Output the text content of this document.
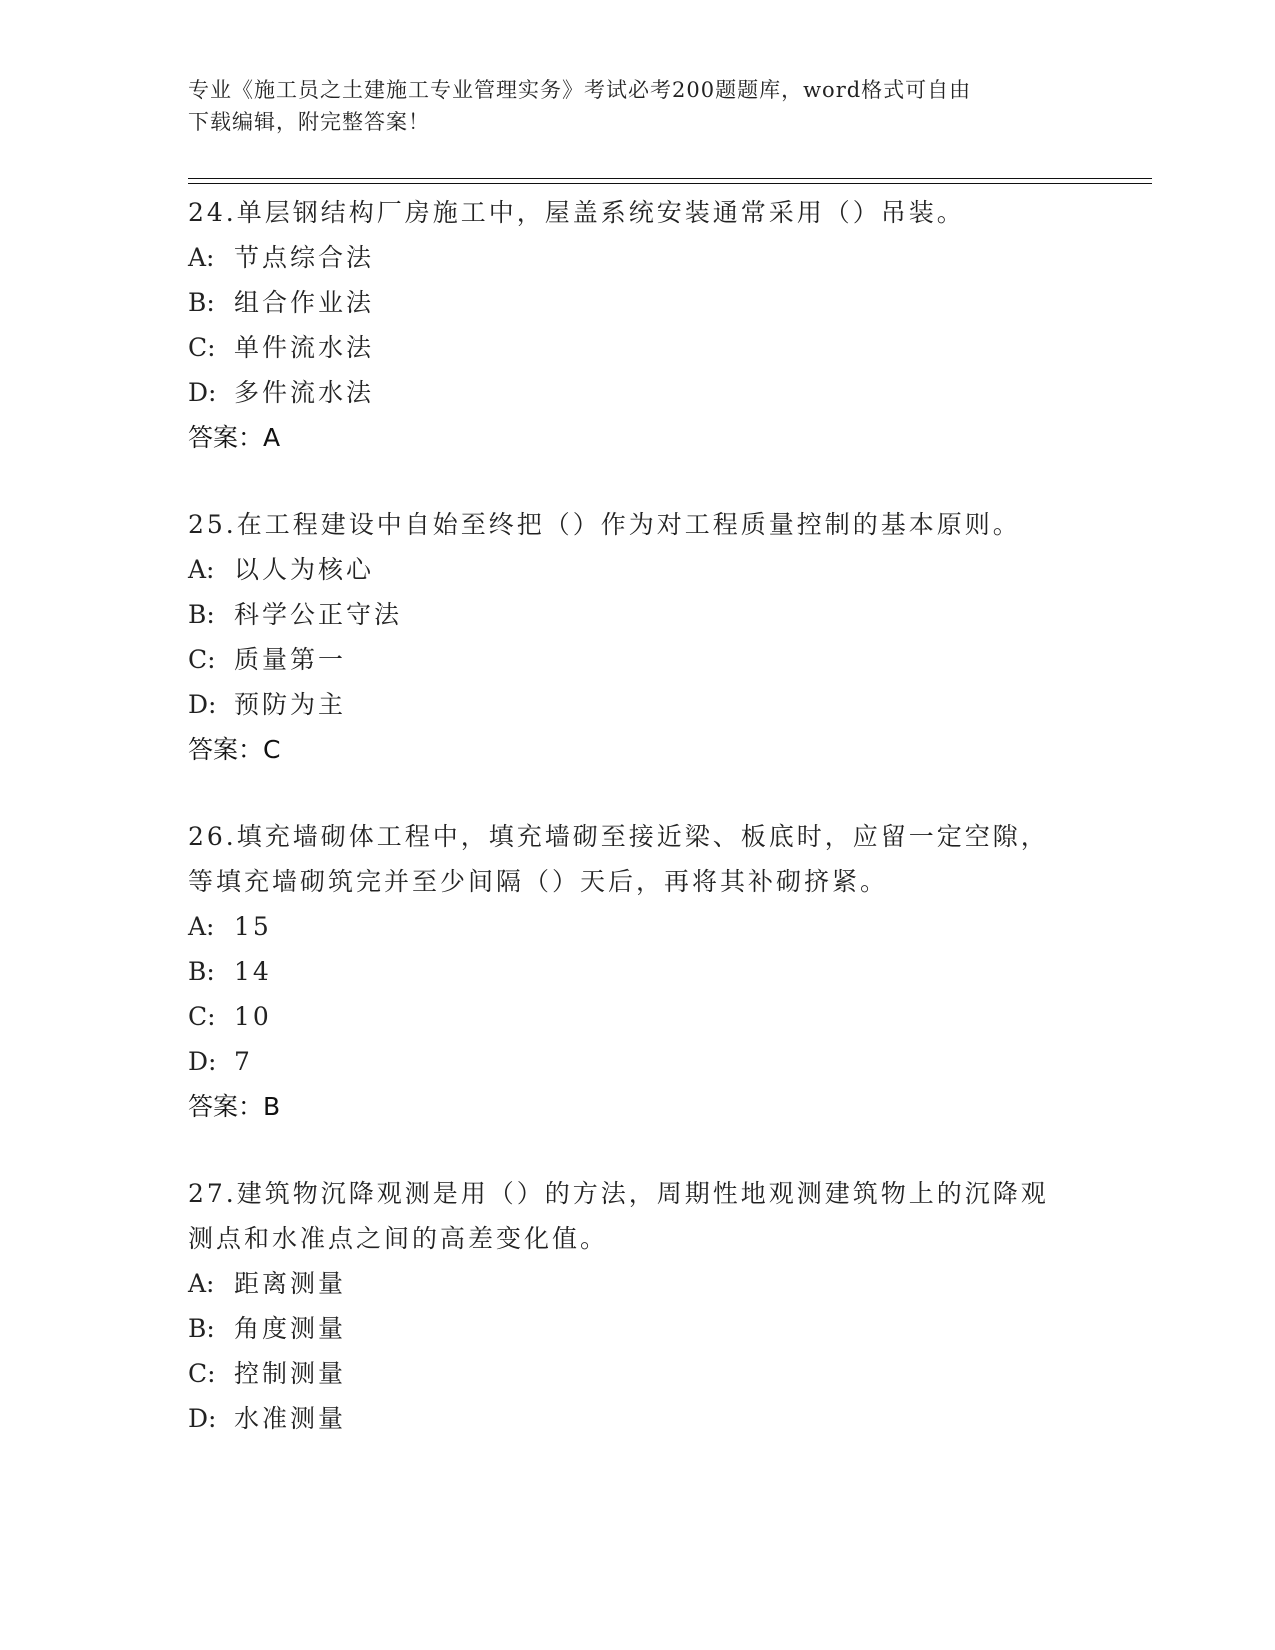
专业《施工员之土建施工专业管理实务》考试必考200题题库，word格式可自由
下载编辑，附完整答案！

24.单层钢结构厂房施工中，屋盖系统安装通常采用（）吊装。

A: 节点综合法

B: 组合作业法

C: 单件流水法

D: 多件流水法

答案：A

25.在工程建设中自始至终把（）作为对工程质量控制的基本原则。

A: 以人为核心

B: 科学公正守法

C: 质量第一

D: 预防为主

答案：C

26.填充墙砌体工程中，填充墙砌至接近梁、板底时，应留一定空隙，

等填充墙砌筑完并至少间隔（）天后，再将其补砌挤紧。

A: 15

B: 14

C: 10

D: 7

答案：B

27.建筑物沉降观测是用（）的方法，周期性地观测建筑物上的沉降观

测点和水准点之间的高差变化值。

A: 距离测量

B: 角度测量

C: 控制测量

D: 水准测量
